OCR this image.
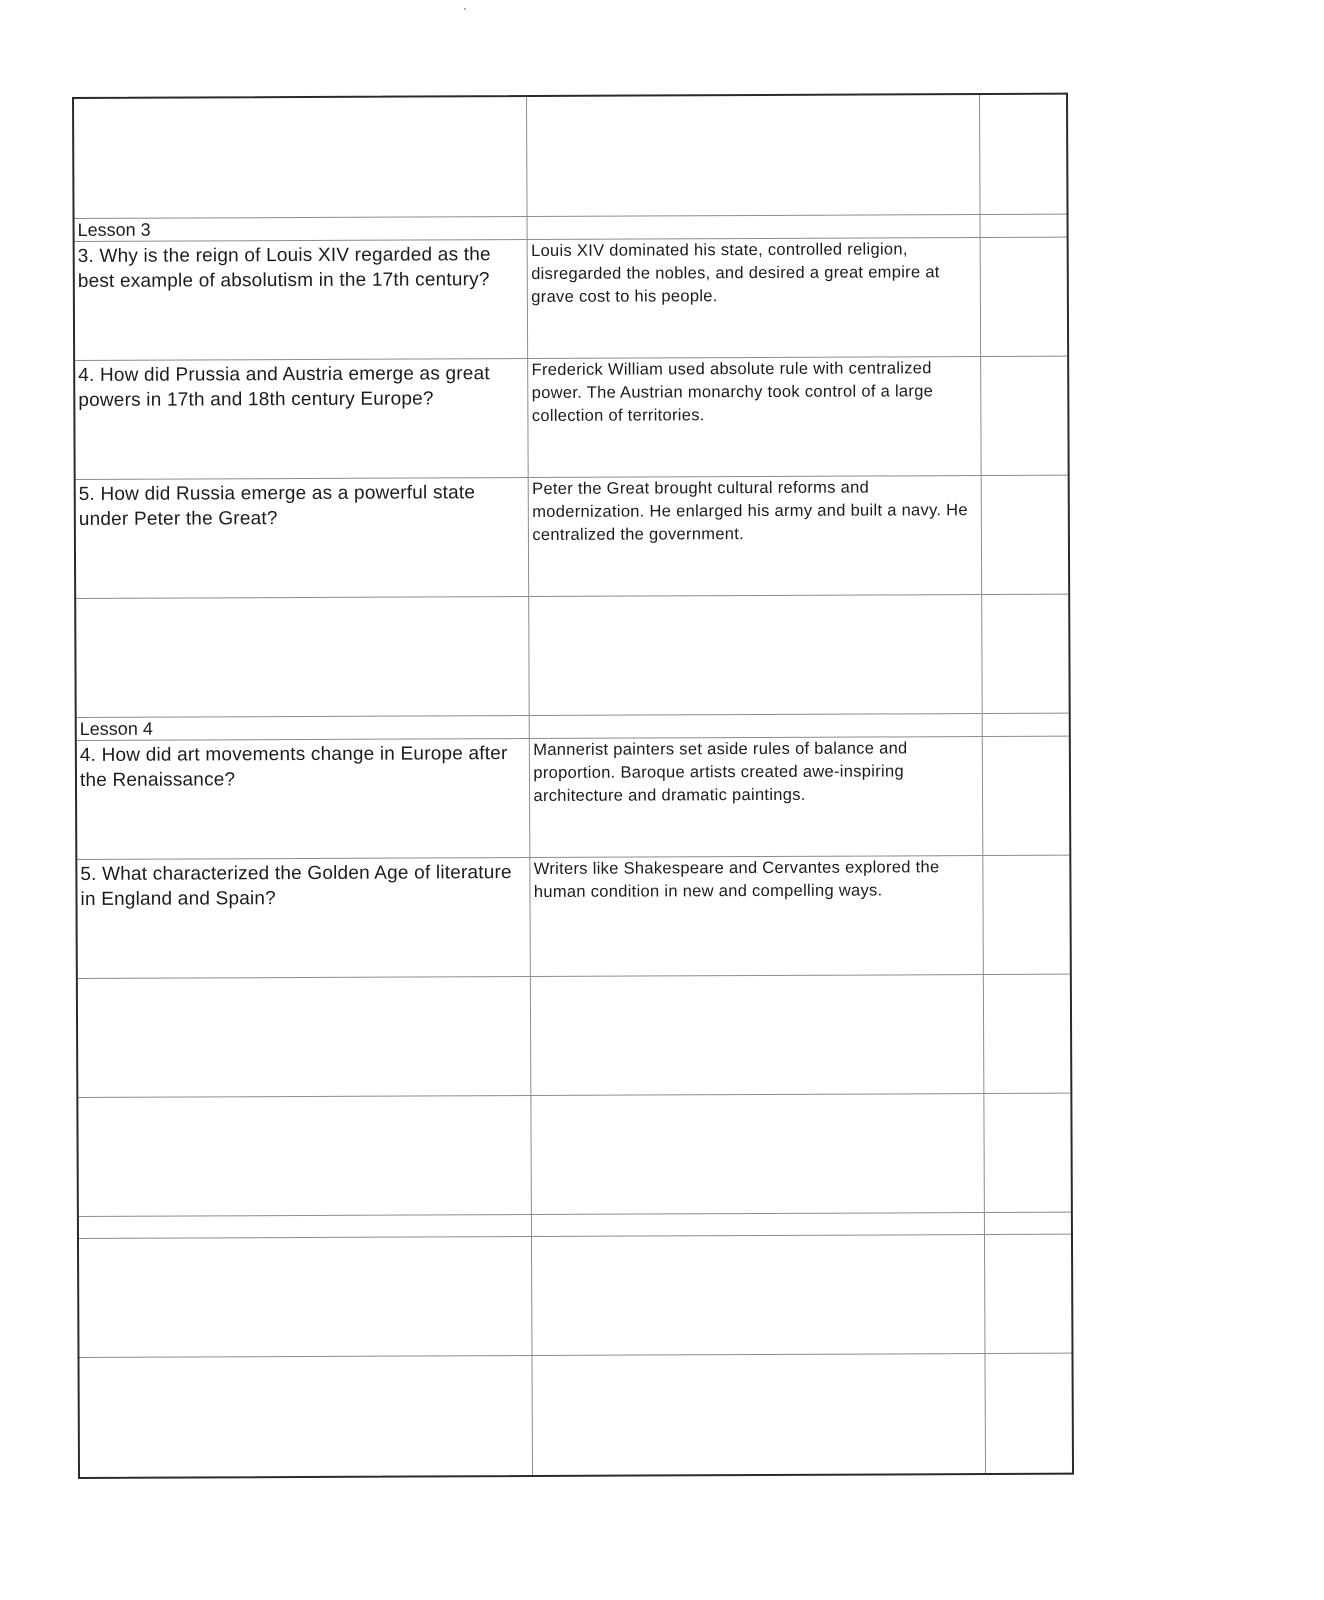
Lesson 3		

3. Why is the reign of Louis XIV regarded as the best example of absolutism in the 17th century?	Louis XIV dominated his state, controlled religion, disregarded the nobles, and desired a great empire at grave cost to his people.	

4. How did Prussia and Austria emerge as great powers in 17th and 18th century Europe?	Frederick William used absolute rule with centralized power. The Austrian monarchy took control of a large collection of territories.	

5. How did Russia emerge as a powerful state under Peter the Great?	Peter the Great brought cultural reforms and modernization. He enlarged his army and built a navy. He centralized the government.	

Lesson 4		

4. How did art movements change in Europe after the Renaissance?	Mannerist painters set aside rules of balance and proportion. Baroque artists created awe-inspiring architecture and dramatic paintings.	

5. What characterized the Golden Age of literature in England and Spain?	Writers like Shakespeare and Cervantes explored the human condition in new and compelling ways.	
